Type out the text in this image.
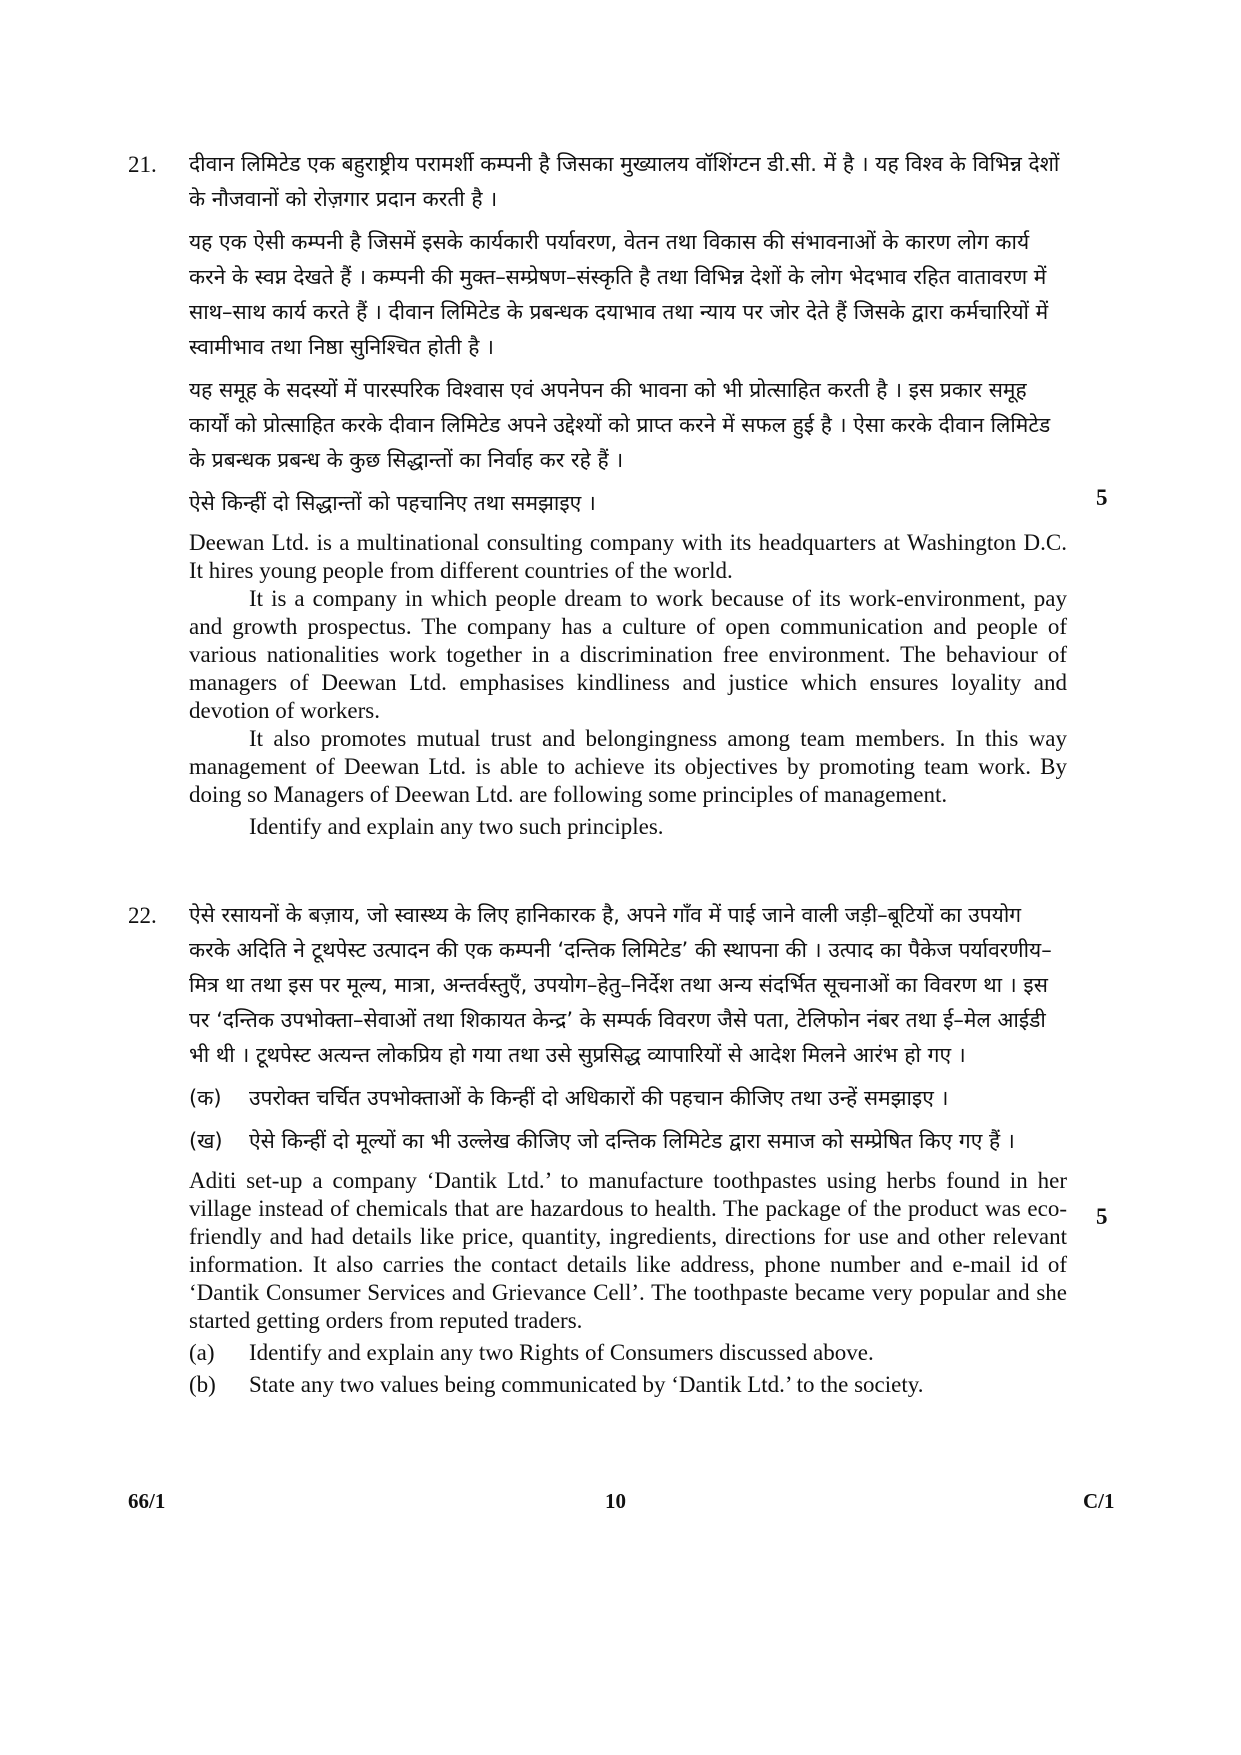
21. दीवान लिमिटेड एक बहुराष्ट्रीय परामर्शी कम्पनी है जिसका मुख्यालय वॉशिंग्टन डी.सी. में है । यह विश्व के विभिन्न देशों के नौजवानों को रोज़गार प्रदान करती है ।

यह एक ऐसी कम्पनी है जिसमें इसके कार्यकारी पर्यावरण, वेतन तथा विकास की संभावनाओं के कारण लोग कार्य करने के स्वप्न देखते हैं । कम्पनी की मुक्त–सम्प्रेषण–संस्कृति है तथा विभिन्न देशों के लोग भेदभाव रहित वातावरण में साथ–साथ कार्य करते हैं । दीवान लिमिटेड के प्रबन्धक दयाभाव तथा न्याय पर जोर देते हैं जिसके द्वारा कर्मचारियों में स्वामीभाव तथा निष्ठा सुनिश्चित होती है ।

यह समूह के सदस्यों में पारस्परिक विश्वास एवं अपनेपन की भावना को भी प्रोत्साहित करती है । इस प्रकार समूह कार्यों को प्रोत्साहित करके दीवान लिमिटेड अपने उद्देश्यों को प्राप्त करने में सफल हुई है । ऐसा करके दीवान लिमिटेड के प्रबन्धक प्रबन्ध के कुछ सिद्धान्तों का निर्वाह कर रहे हैं ।

ऐसे किन्हीं दो सिद्धान्तों को पहचानिए तथा समझाइए ।

Deewan Ltd. is a multinational consulting company with its headquarters at Washington D.C. It hires young people from different countries of the world.

It is a company in which people dream to work because of its work-environment, pay and growth prospectus. The company has a culture of open communication and people of various nationalities work together in a discrimination free environment. The behaviour of managers of Deewan Ltd. emphasises kindliness and justice which ensures loyality and devotion of workers.

It also promotes mutual trust and belongingness among team members. In this way management of Deewan Ltd. is able to achieve its objectives by promoting team work. By doing so Managers of Deewan Ltd. are following some principles of management.

Identify and explain any two such principles.

5
22. ऐसे रसायनों के बज़ाय, जो स्वास्थ्य के लिए हानिकारक है, अपने गाँव में पाई जाने वाली जड़ी–बूटियों का उपयोग करके अदिति ने टूथपेस्ट उत्पादन की एक कम्पनी ‘दन्तिक लिमिटेड’ की स्थापना की । उत्पाद का पैकेज पर्यावरणीय–मित्र था तथा इस पर मूल्य, मात्रा, अन्तर्वस्तुएँ, उपयोग–हेतु–निर्देश तथा अन्य संदर्भित सूचनाओं का विवरण था । इस पर ‘दन्तिक उपभोक्ता–सेवाओं तथा शिकायत केन्द्र’ के सम्पर्क विवरण जैसे पता, टेलिफोन नंबर तथा ई–मेल आईडी भी थी । टूथपेस्ट अत्यन्त लोकप्रिय हो गया तथा उसे सुप्रसिद्ध व्यापारियों से आदेश मिलने आरंभ हो गए ।

(क) उपरोक्त चर्चित उपभोक्ताओं के किन्हीं दो अधिकारों की पहचान कीजिए तथा उन्हें समझाइए ।
(ख) ऐसे किन्हीं दो मूल्यों का भी उल्लेख कीजिए जो दन्तिक लिमिटेड द्वारा समाज को सम्प्रेषित किए गए हैं ।

Aditi set-up a company ‘Dantik Ltd.’ to manufacture toothpastes using herbs found in her village instead of chemicals that are hazardous to health. The package of the product was eco-friendly and had details like price, quantity, ingredients, directions for use and other relevant information. It also carries the contact details like address, phone number and e-mail id of ‘Dantik Consumer Services and Grievance Cell’. The toothpaste became very popular and she started getting orders from reputed traders.

(a) Identify and explain any two Rights of Consumers discussed above.
(b) State any two values being communicated by ‘Dantik Ltd.’ to the society.
5
66/1	10	C/1
